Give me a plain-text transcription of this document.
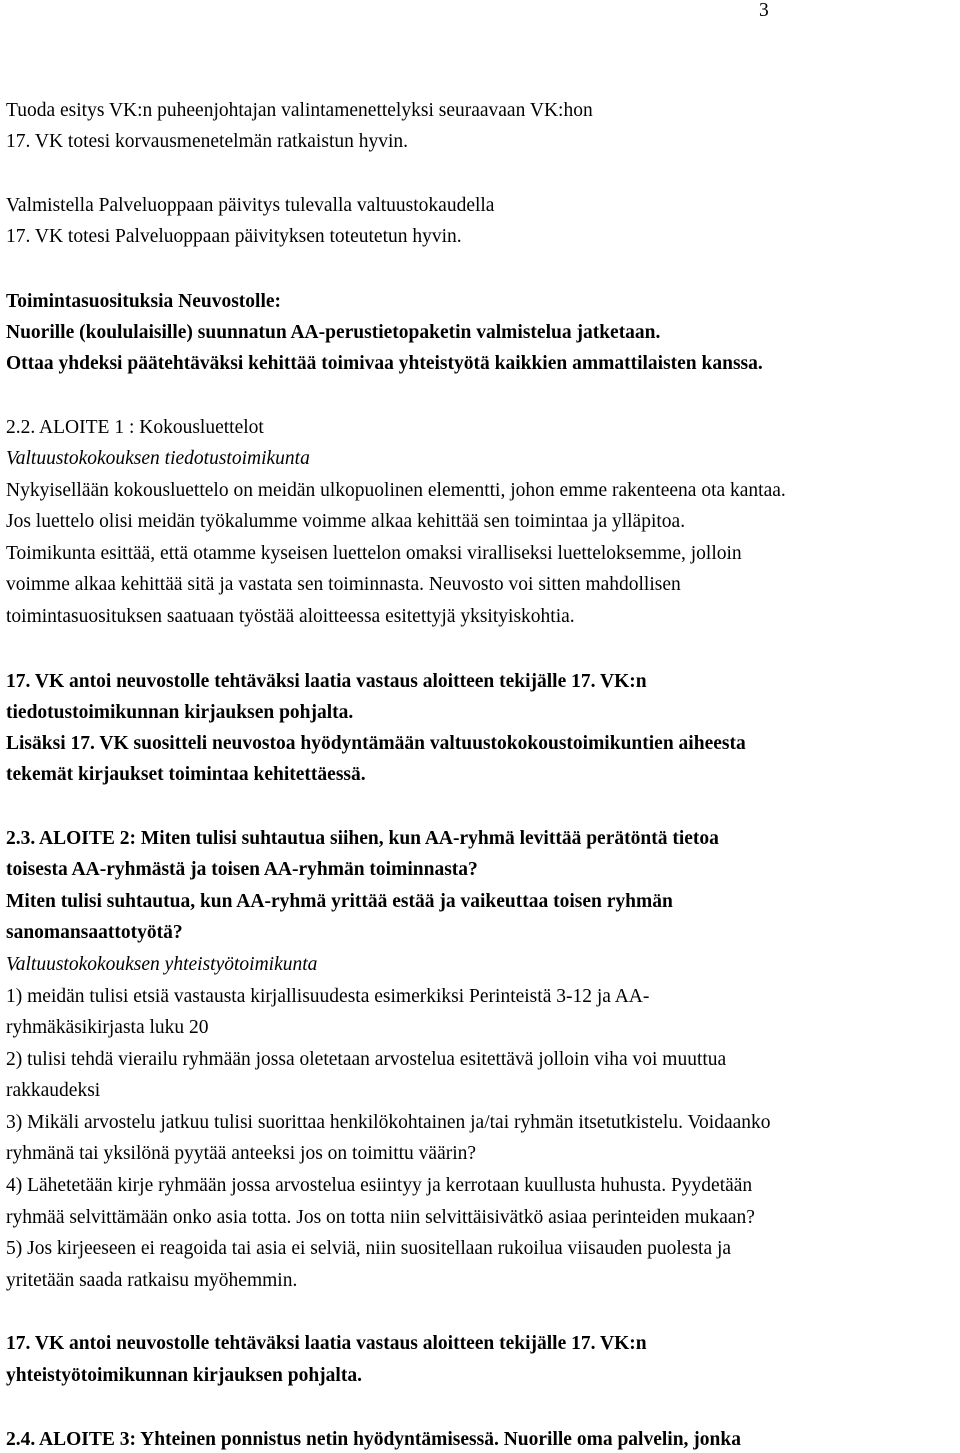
3
Tuoda esitys VK:n puheenjohtajan valintamenettelyksi seuraavaan VK:hon
17. VK totesi korvausmenetelmän ratkaistun hyvin.
Valmistella Palveluoppaan päivitys tulevalla valtuustokaudella
17. VK totesi Palveluoppaan päivityksen toteutetun hyvin.
Toimintasuosituksia Neuvostolle:
Nuorille (koululaisille) suunnatun AA-perustietopaketin valmistelua jatketaan.
Ottaa yhdeksi päätehtäväksi kehittää toimivaa yhteistyötä kaikkien ammattilaisten kanssa.
2.2. ALOITE 1 : Kokousluettelot
Valtuustokokouksen tiedotustoimikunta
Nykyisellään kokousluettelo on meidän ulkopuolinen elementti, johon emme rakenteena ota kantaa.
Jos luettelo olisi meidän työkalumme voimme alkaa kehittää sen toimintaa ja ylläpitoa.
Toimikunta esittää, että otamme kyseisen luettelon omaksi viralliseksi luetteloksemme, jolloin
voimme alkaa kehittää sitä ja vastata sen toiminnasta. Neuvosto voi sitten mahdollisen
toimintasuosituksen saatuaan työstää aloitteessa esitettyjä yksityiskohtia.
17. VK antoi neuvostolle tehtäväksi laatia vastaus aloitteen tekijälle 17. VK:n
tiedotustoimikunnan kirjauksen pohjalta.
Lisäksi 17. VK suositteli neuvostoa hyödyntämään valtuustokokoustoimikuntien aiheesta
tekemät kirjaukset toimintaa kehitettäessä.
2.3. ALOITE 2: Miten tulisi suhtautua siihen, kun AA-ryhmä levittää perätöntä tietoa
toisesta AA-ryhmästä ja toisen AA-ryhmän toiminnasta?
Miten tulisi suhtautua, kun AA-ryhmä yrittää estää ja vaikeuttaa toisen ryhmän
sanomansaattotyötä?
Valtuustokokouksen yhteistyötoimikunta
1) meidän tulisi etsiä vastausta kirjallisuudesta esimerkiksi Perinteistä 3-12 ja AA-
ryhmäkäsikirjasta luku 20
2) tulisi tehdä vierailu ryhmään jossa oletetaan arvostelua esitettävä jolloin viha voi muuttua
rakkaudeksi
3) Mikäli arvostelu jatkuu tulisi suorittaa henkilökohtainen ja/tai ryhmän itsetutkistelu. Voidaanko
ryhmänä tai yksilönä pyytää anteeksi jos on toimittu väärin?
4) Lähetetään kirje ryhmään jossa arvostelua esiintyy ja kerrotaan kuullusta huhusta. Pyydetään
ryhmää selvittämään onko asia totta. Jos on totta niin selvittäisivätkö asiaa perinteiden mukaan?
5) Jos kirjeeseen ei reagoida tai asia ei selviä, niin suositellaan rukoilua viisauden puolesta ja
yritetään saada ratkaisu myöhemmin.
17. VK antoi neuvostolle tehtäväksi laatia vastaus aloitteen tekijälle 17. VK:n
yhteistyötoimikunnan kirjauksen pohjalta.
2.4. ALOITE 3: Yhteinen ponnistus netin hyödyntämisessä. Nuorille oma palvelin, jonka
